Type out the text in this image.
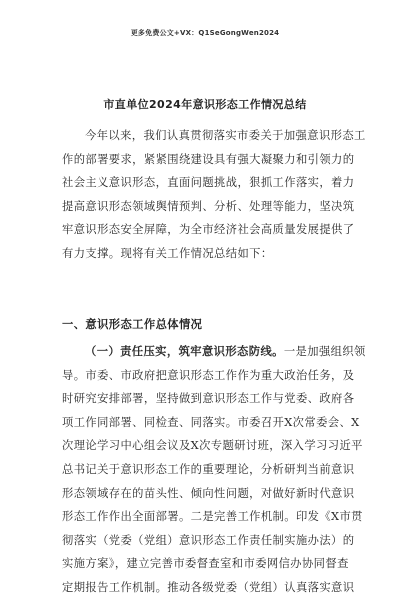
更多免费公文+VX：Q1SeGongWen2024
市直单位2024年意识形态工作情况总结
今年以来，我们认真贯彻落实市委关于加强意识形态工
作的部署要求，紧紧围绕建设具有强大凝聚力和引领力的
社会主义意识形态，直面问题挑战，狠抓工作落实，着力
提高意识形态领域舆情预判、分析、处理等能力，坚决筑
牢意识形态安全屏障，为全市经济社会高质量发展提供了
有力支撑。现将有关工作情况总结如下：
一、意识形态工作总体情况
（一）责任压实，筑牢意识形态防线。一是加强组织领
导。市委、市政府把意识形态工作作为重大政治任务，及
时研究安排部署，坚持做到意识形态工作与党委、政府各
项工作同部署、同检查、同落实。市委召开X次常委会、X
次理论学习中心组会议及X次专题研讨班，深入学习习近平
总书记关于意识形态工作的重要理论，分析研判当前意识
形态领域存在的苗头性、倾向性问题，对做好新时代意识
形态工作作出全面部署。二是完善工作机制。印发《X市贯
彻落实（党委（党组）意识形态工作责任制实施办法）的
实施方案》，建立完善市委督查室和市委网信办协同督查
定期报告工作机制。推动各级党委（党组）认真落实意识
